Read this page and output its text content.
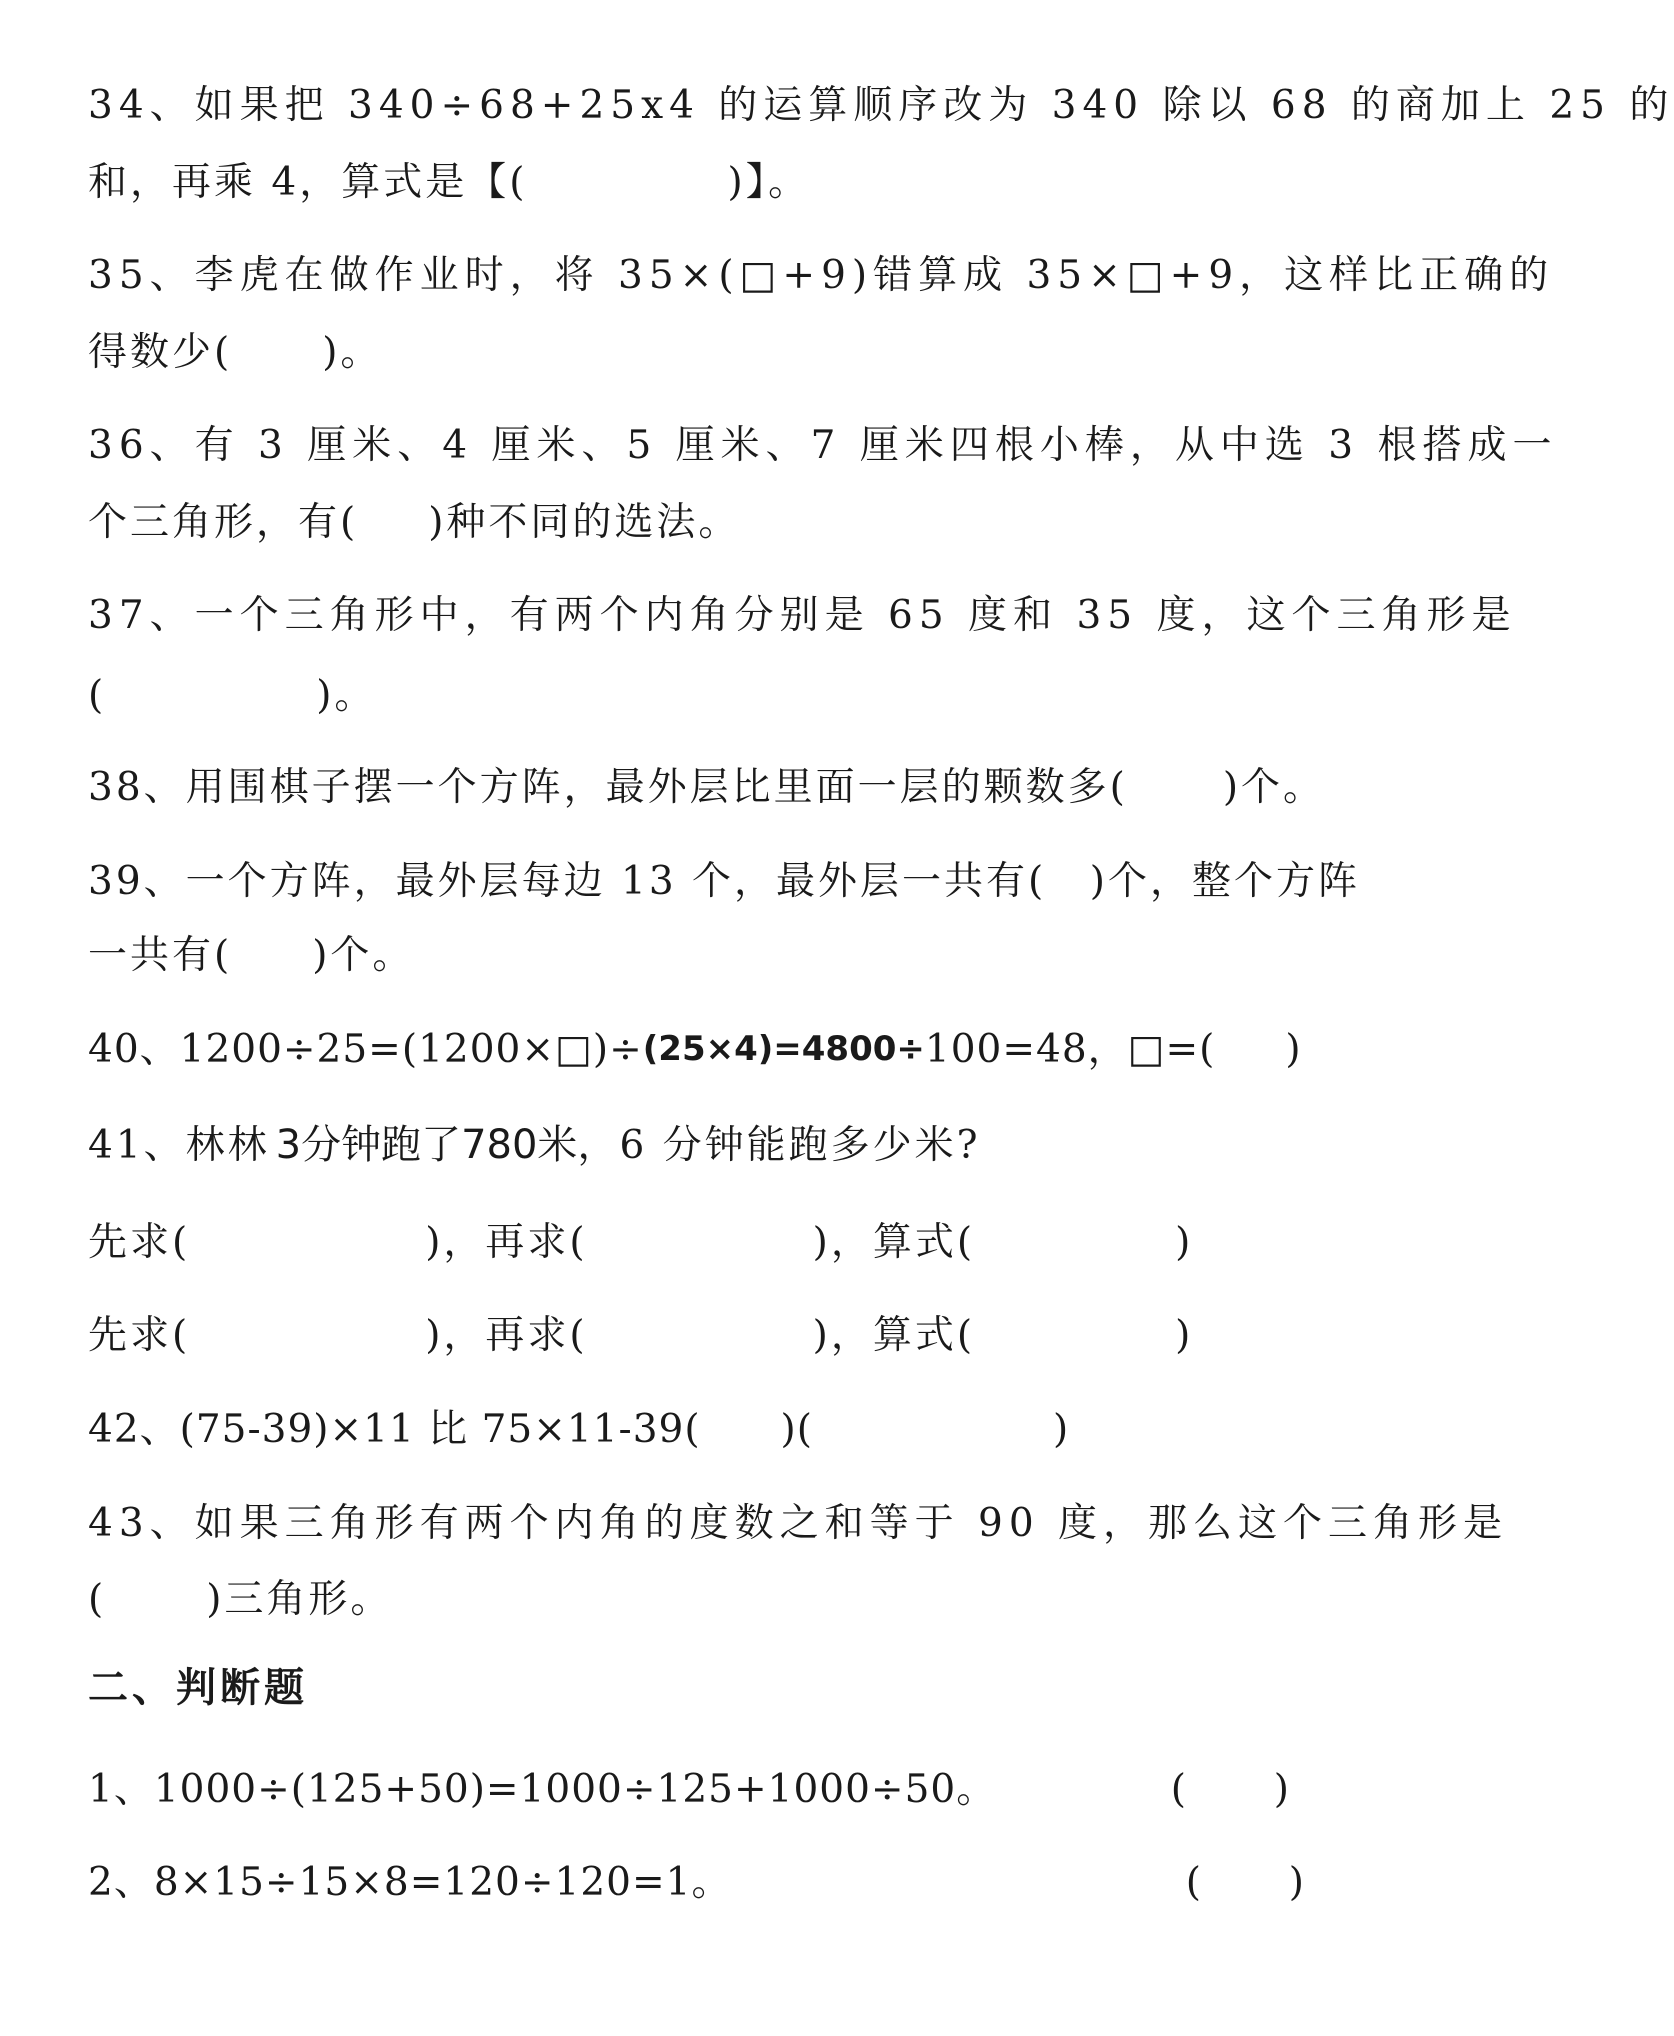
34、如果把 340÷68+25x4 的运算顺序改为 340 除以 68 的商加上 25 的
和，再乘 4，算式是【(	)】。
35、李虎在做作业时，将 35×(□+9)错算成 35×□+9，这样比正确的
得数少( )。
36、有 3 厘米、4 厘米、5 厘米、7 厘米四根小棒，从中选 3 根搭成一
个三角形，有( )种不同的选法。
37、一个三角形中，有两个内角分别是 65 度和 35 度，这个三角形是
(	)。
38、用围棋子摆一个方阵，最外层比里面一层的颗数多( )个。
39、一个方阵，最外层每边 13 个，最外层一共有( )个，整个方阵
一共有( )个。
40、1200÷25=(1200×□)÷ (25×4)=4800÷ 100=48，□=( )
41、林林 3分钟跑了780米 ，6 分钟能跑多少米?
先求(	)，再求(	)，算式(	)
先求(	)，再求(	)，算式(	)
42、(75-39)×11 比 75×11-39( )(	)
43、如果三角形有两个内角的度数之和等于 90 度，那么这个三角形是
(	)三角形。
二、判断题
1、1000÷(125+50)=1000÷125+1000÷50。	( )
2、8×15÷15×8=120÷120=1。	( )
